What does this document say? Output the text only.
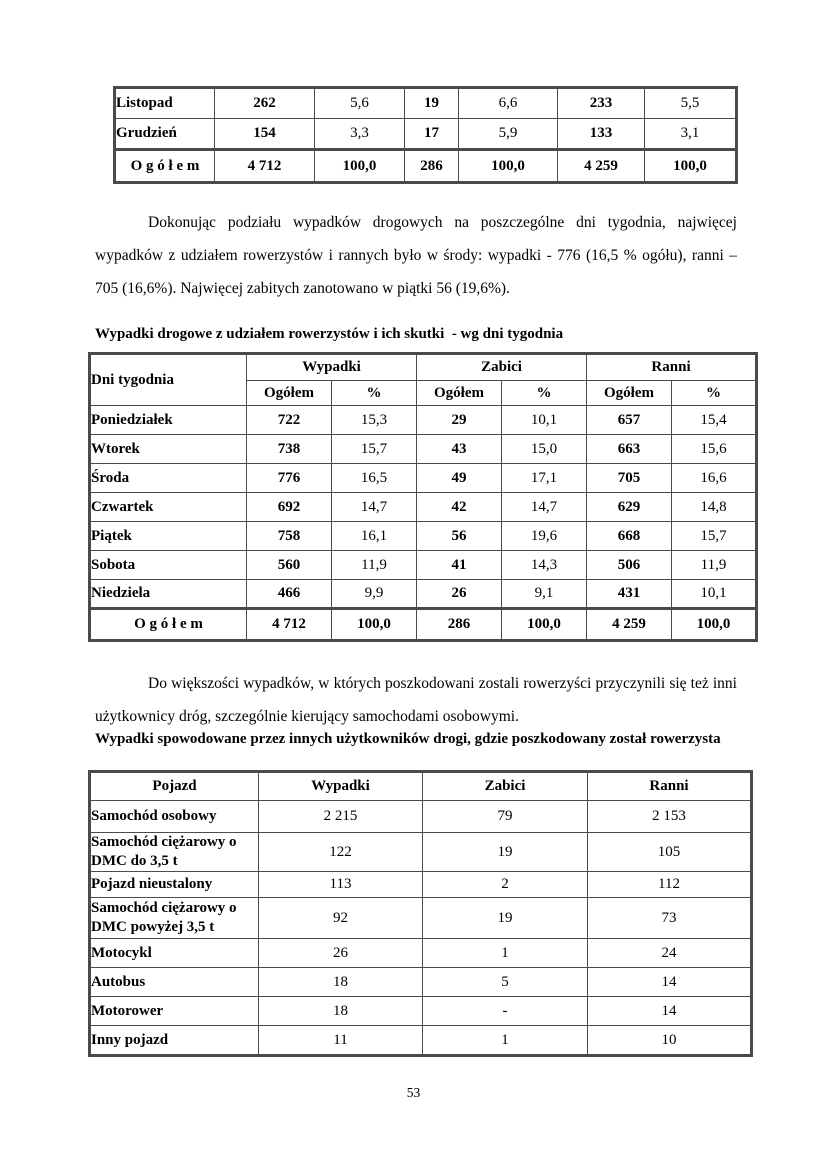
Listopad	262	5,6	19	6,6	233	5,5
Grudzień	154	3,3	17	5,9	133	3,1
O g ó ł e m	4 712	100,0	286	100,0	4 259	100,0
Dokonując podziału wypadków drogowych na poszczególne dni tygodnia, najwięcej wypadków z udziałem rowerzystów i rannych było w środy: wypadki - 776 (16,5 % ogółu), ranni – 705 (16,6%). Najwięcej zabitych zanotowano w piątki 56 (19,6%).
Wypadki drogowe z udziałem rowerzystów i ich skutki  - wg dni tygodnia
Dni tygodnia	Wypadki		Zabici		Ranni	
	Ogółem	%	Ogółem	%	Ogółem	%
Poniedziałek	722	15,3	29	10,1	657	15,4
Wtorek	738	15,7	43	15,0	663	15,6
Środa	776	16,5	49	17,1	705	16,6
Czwartek	692	14,7	42	14,7	629	14,8
Piątek	758	16,1	56	19,6	668	15,7
Sobota	560	11,9	41	14,3	506	11,9
Niedziela	466	9,9	26	9,1	431	10,1
O g ó ł e m	4 712	100,0	286	100,0	4 259	100,0
Do większości wypadków, w których poszkodowani zostali rowerzyści przyczynili się też inni użytkownicy dróg, szczególnie kierujący samochodami osobowymi.
Wypadki spowodowane przez innych użytkowników drogi, gdzie poszkodowany został rowerzysta
Pojazd	Wypadki	Zabici	Ranni
Samochód osobowy	2 215	79	2 153
Samochód ciężarowy o DMC do 3,5 t	122	19	105
Pojazd nieustalony	113	2	112
Samochód ciężarowy o DMC powyżej 3,5 t	92	19	73
Motocykl	26	1	24
Autobus	18	5	14
Motorower	18	-	14
Inny pojazd	11	1	10
53
